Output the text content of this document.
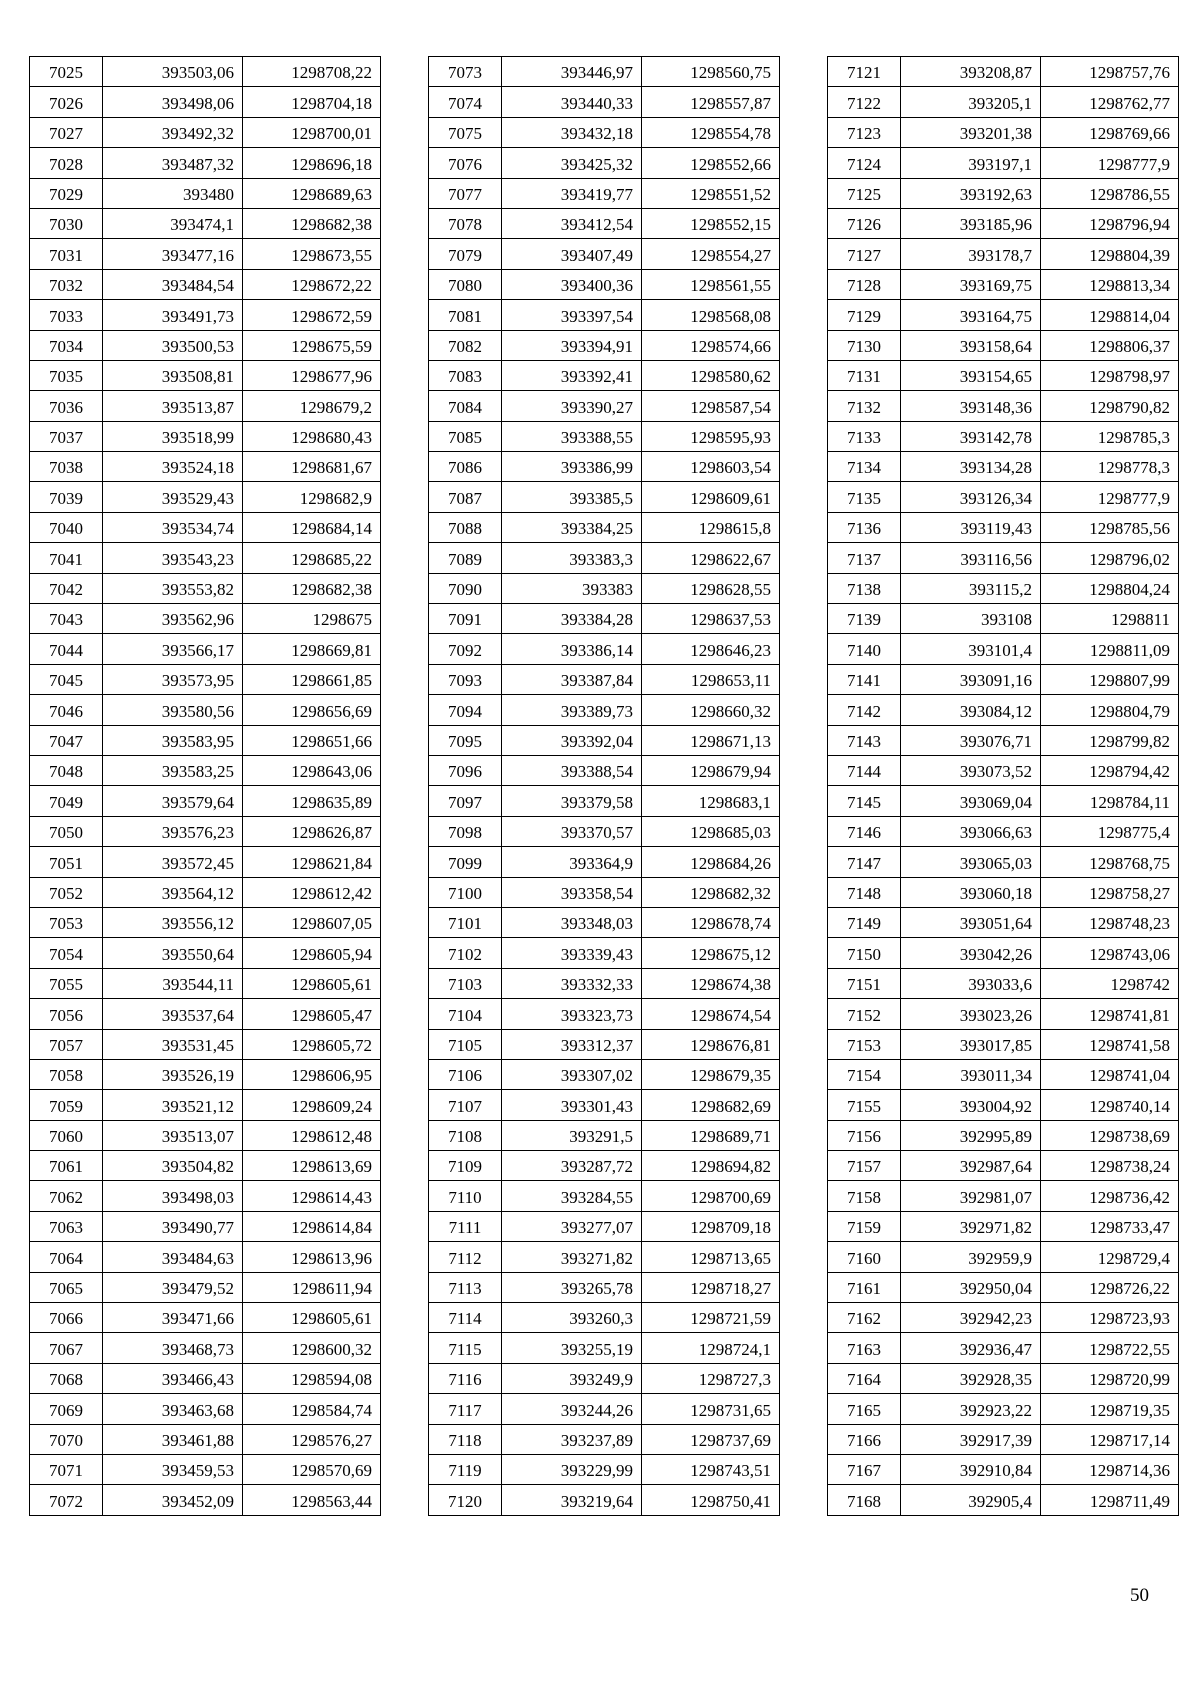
7025	393503,06	1298708,22
7026	393498,06	1298704,18
7027	393492,32	1298700,01
7028	393487,32	1298696,18
7029	393480	1298689,63
7030	393474,1	1298682,38
7031	393477,16	1298673,55
7032	393484,54	1298672,22
7033	393491,73	1298672,59
7034	393500,53	1298675,59
7035	393508,81	1298677,96
7036	393513,87	1298679,2
7037	393518,99	1298680,43
7038	393524,18	1298681,67
7039	393529,43	1298682,9
7040	393534,74	1298684,14
7041	393543,23	1298685,22
7042	393553,82	1298682,38
7043	393562,96	1298675
7044	393566,17	1298669,81
7045	393573,95	1298661,85
7046	393580,56	1298656,69
7047	393583,95	1298651,66
7048	393583,25	1298643,06
7049	393579,64	1298635,89
7050	393576,23	1298626,87
7051	393572,45	1298621,84
7052	393564,12	1298612,42
7053	393556,12	1298607,05
7054	393550,64	1298605,94
7055	393544,11	1298605,61
7056	393537,64	1298605,47
7057	393531,45	1298605,72
7058	393526,19	1298606,95
7059	393521,12	1298609,24
7060	393513,07	1298612,48
7061	393504,82	1298613,69
7062	393498,03	1298614,43
7063	393490,77	1298614,84
7064	393484,63	1298613,96
7065	393479,52	1298611,94
7066	393471,66	1298605,61
7067	393468,73	1298600,32
7068	393466,43	1298594,08
7069	393463,68	1298584,74
7070	393461,88	1298576,27
7071	393459,53	1298570,69
7072	393452,09	1298563,44
7073	393446,97	1298560,75
7074	393440,33	1298557,87
7075	393432,18	1298554,78
7076	393425,32	1298552,66
7077	393419,77	1298551,52
7078	393412,54	1298552,15
7079	393407,49	1298554,27
7080	393400,36	1298561,55
7081	393397,54	1298568,08
7082	393394,91	1298574,66
7083	393392,41	1298580,62
7084	393390,27	1298587,54
7085	393388,55	1298595,93
7086	393386,99	1298603,54
7087	393385,5	1298609,61
7088	393384,25	1298615,8
7089	393383,3	1298622,67
7090	393383	1298628,55
7091	393384,28	1298637,53
7092	393386,14	1298646,23
7093	393387,84	1298653,11
7094	393389,73	1298660,32
7095	393392,04	1298671,13
7096	393388,54	1298679,94
7097	393379,58	1298683,1
7098	393370,57	1298685,03
7099	393364,9	1298684,26
7100	393358,54	1298682,32
7101	393348,03	1298678,74
7102	393339,43	1298675,12
7103	393332,33	1298674,38
7104	393323,73	1298674,54
7105	393312,37	1298676,81
7106	393307,02	1298679,35
7107	393301,43	1298682,69
7108	393291,5	1298689,71
7109	393287,72	1298694,82
7110	393284,55	1298700,69
7111	393277,07	1298709,18
7112	393271,82	1298713,65
7113	393265,78	1298718,27
7114	393260,3	1298721,59
7115	393255,19	1298724,1
7116	393249,9	1298727,3
7117	393244,26	1298731,65
7118	393237,89	1298737,69
7119	393229,99	1298743,51
7120	393219,64	1298750,41
7121	393208,87	1298757,76
7122	393205,1	1298762,77
7123	393201,38	1298769,66
7124	393197,1	1298777,9
7125	393192,63	1298786,55
7126	393185,96	1298796,94
7127	393178,7	1298804,39
7128	393169,75	1298813,34
7129	393164,75	1298814,04
7130	393158,64	1298806,37
7131	393154,65	1298798,97
7132	393148,36	1298790,82
7133	393142,78	1298785,3
7134	393134,28	1298778,3
7135	393126,34	1298777,9
7136	393119,43	1298785,56
7137	393116,56	1298796,02
7138	393115,2	1298804,24
7139	393108	1298811
7140	393101,4	1298811,09
7141	393091,16	1298807,99
7142	393084,12	1298804,79
7143	393076,71	1298799,82
7144	393073,52	1298794,42
7145	393069,04	1298784,11
7146	393066,63	1298775,4
7147	393065,03	1298768,75
7148	393060,18	1298758,27
7149	393051,64	1298748,23
7150	393042,26	1298743,06
7151	393033,6	1298742
7152	393023,26	1298741,81
7153	393017,85	1298741,58
7154	393011,34	1298741,04
7155	393004,92	1298740,14
7156	392995,89	1298738,69
7157	392987,64	1298738,24
7158	392981,07	1298736,42
7159	392971,82	1298733,47
7160	392959,9	1298729,4
7161	392950,04	1298726,22
7162	392942,23	1298723,93
7163	392936,47	1298722,55
7164	392928,35	1298720,99
7165	392923,22	1298719,35
7166	392917,39	1298717,14
7167	392910,84	1298714,36
7168	392905,4	1298711,49
50
